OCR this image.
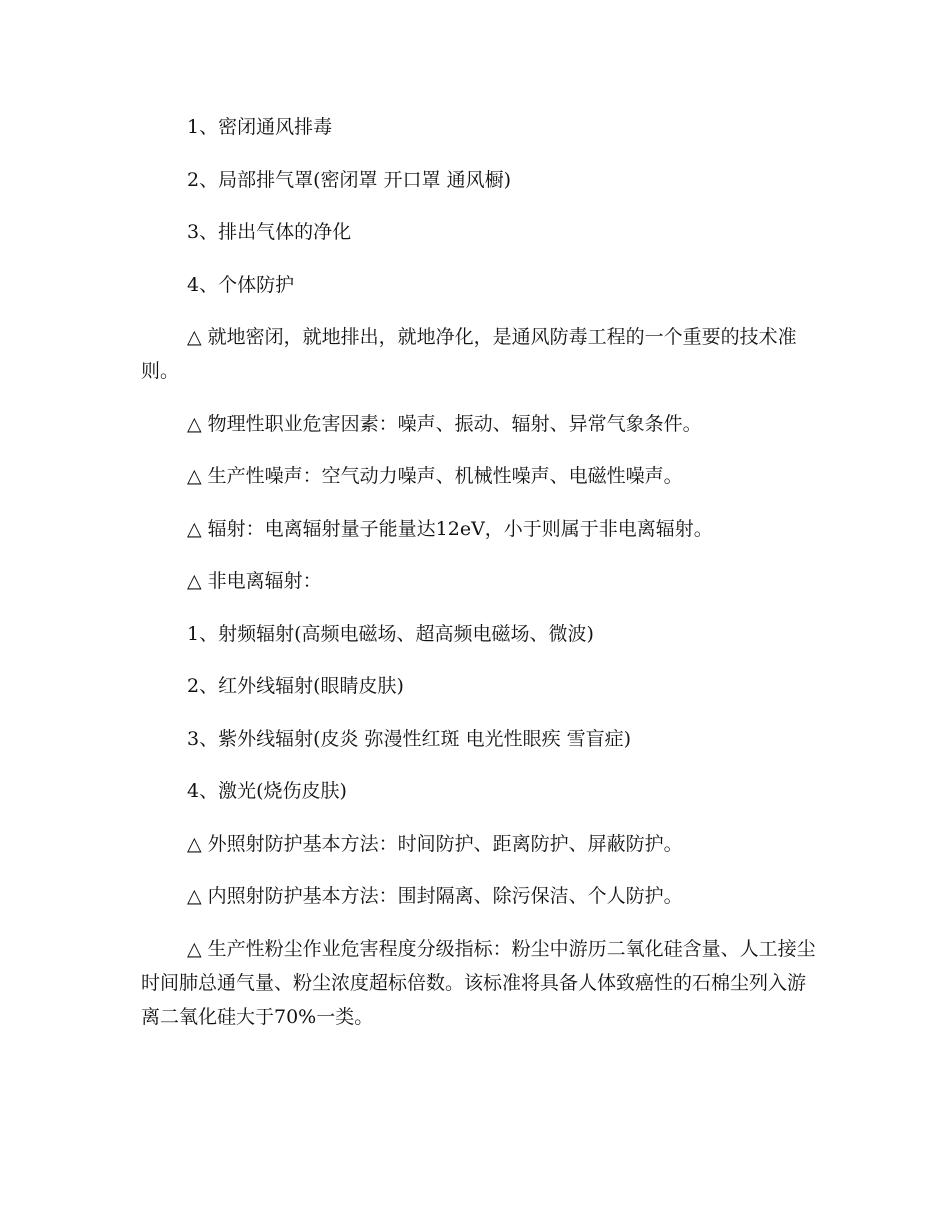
1、密闭通风排毒

2、局部排气罩(密闭罩 开口罩 通风橱)

3、排出气体的净化

4、个体防护

△ 就地密闭，就地排出，就地净化，是通风防毒工程的一个重要的技术准则。

△ 物理性职业危害因素：噪声、振动、辐射、异常气象条件。

△ 生产性噪声：空气动力噪声、机械性噪声、电磁性噪声。

△ 辐射：电离辐射量子能量达12eV，小于则属于非电离辐射。

△ 非电离辐射：

1、射频辐射(高频电磁场、超高频电磁场、微波)

2、红外线辐射(眼睛皮肤)

3、紫外线辐射(皮炎 弥漫性红斑 电光性眼疾 雪盲症)

4、激光(烧伤皮肤)

△ 外照射防护基本方法：时间防护、距离防护、屏蔽防护。

△ 内照射防护基本方法：围封隔离、除污保洁、个人防护。

△ 生产性粉尘作业危害程度分级指标：粉尘中游历二氧化硅含量、人工接尘时间肺总通气量、粉尘浓度超标倍数。该标准将具备人体致癌性的石棉尘列入游离二氧化硅大于70%一类。
